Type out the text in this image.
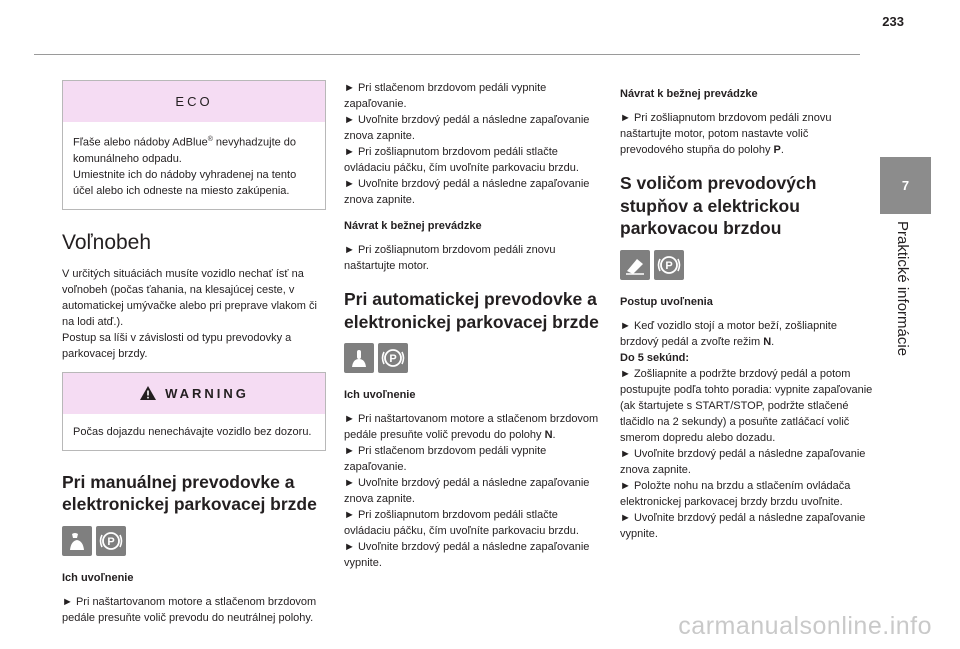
233
7
Praktické informácie
ECO
Fľaše alebo nádoby AdBlue® nevyhadzujte do komunálneho odpadu.
Umiestnite ich do nádoby vyhradenej na tento účel alebo ich odneste na miesto zakúpenia.
Voľnobeh
V určitých situáciách musíte vozidlo nechať ísť na voľnobeh (počas ťahania, na klesajúcej ceste, v automatickej umývačke alebo pri preprave vlakom či na lodi atď.).
Postup sa líši v závislosti od typu prevodovky a parkovacej brzdy.
WARNING
Počas dojazdu nenechávajte vozidlo bez dozoru.
Pri manuálnej prevodovke a elektronickej parkovacej brzde
P
Ich uvoľnenie
► Pri naštartovanom motore a stlačenom brzdovom pedále presuňte volič prevodu do neutrálnej polohy.
► Pri stlačenom brzdovom pedáli vypnite zapaľovanie.
► Uvoľnite brzdový pedál a následne zapaľovanie znova zapnite.
► Pri zošliapnutom brzdovom pedáli stlačte ovládaciu páčku, čím uvoľníte parkovaciu brzdu.
► Uvoľnite brzdový pedál a následne zapaľovanie znova zapnite.
Návrat k bežnej prevádzke
► Pri zošliapnutom brzdovom pedáli znovu naštartujte motor.
Pri automatickej prevodovke a elektronickej parkovacej brzde
P
Ich uvoľnenie
► Pri naštartovanom motore a stlačenom brzdovom pedále presuňte volič prevodu do polohy N.
► Pri stlačenom brzdovom pedáli vypnite zapaľovanie.
► Uvoľnite brzdový pedál a následne zapaľovanie znova zapnite.
► Pri zošliapnutom brzdovom pedáli stlačte ovládaciu páčku, čím uvoľníte parkovaciu brzdu.
► Uvoľnite brzdový pedál a následne zapaľovanie vypnite.
Návrat k bežnej prevádzke
► Pri zošliapnutom brzdovom pedáli znovu naštartujte motor, potom nastavte volič prevodového stupňa do polohy P.
S voličom prevodových stupňov a elektrickou parkovacou brzdou
P
Postup uvoľnenia
► Keď vozidlo stojí a motor beží, zošliapnite brzdový pedál a zvoľte režim N.
Do 5 sekúnd:
► Zošliapnite a podržte brzdový pedál a potom postupujte podľa tohto poradia: vypnite zapaľovanie (ak štartujete s START/STOP, podržte stlačené tlačidlo na 2 sekundy) a posuňte zatláčací volič smerom dopredu alebo dozadu.
► Uvoľnite brzdový pedál a následne zapaľovanie znova zapnite.
► Položte nohu na brzdu a stlačením ovládača elektronickej parkovacej brzdy brzdu uvoľnite.
► Uvoľnite brzdový pedál a následne zapaľovanie vypnite.
carmanualsonline.info
